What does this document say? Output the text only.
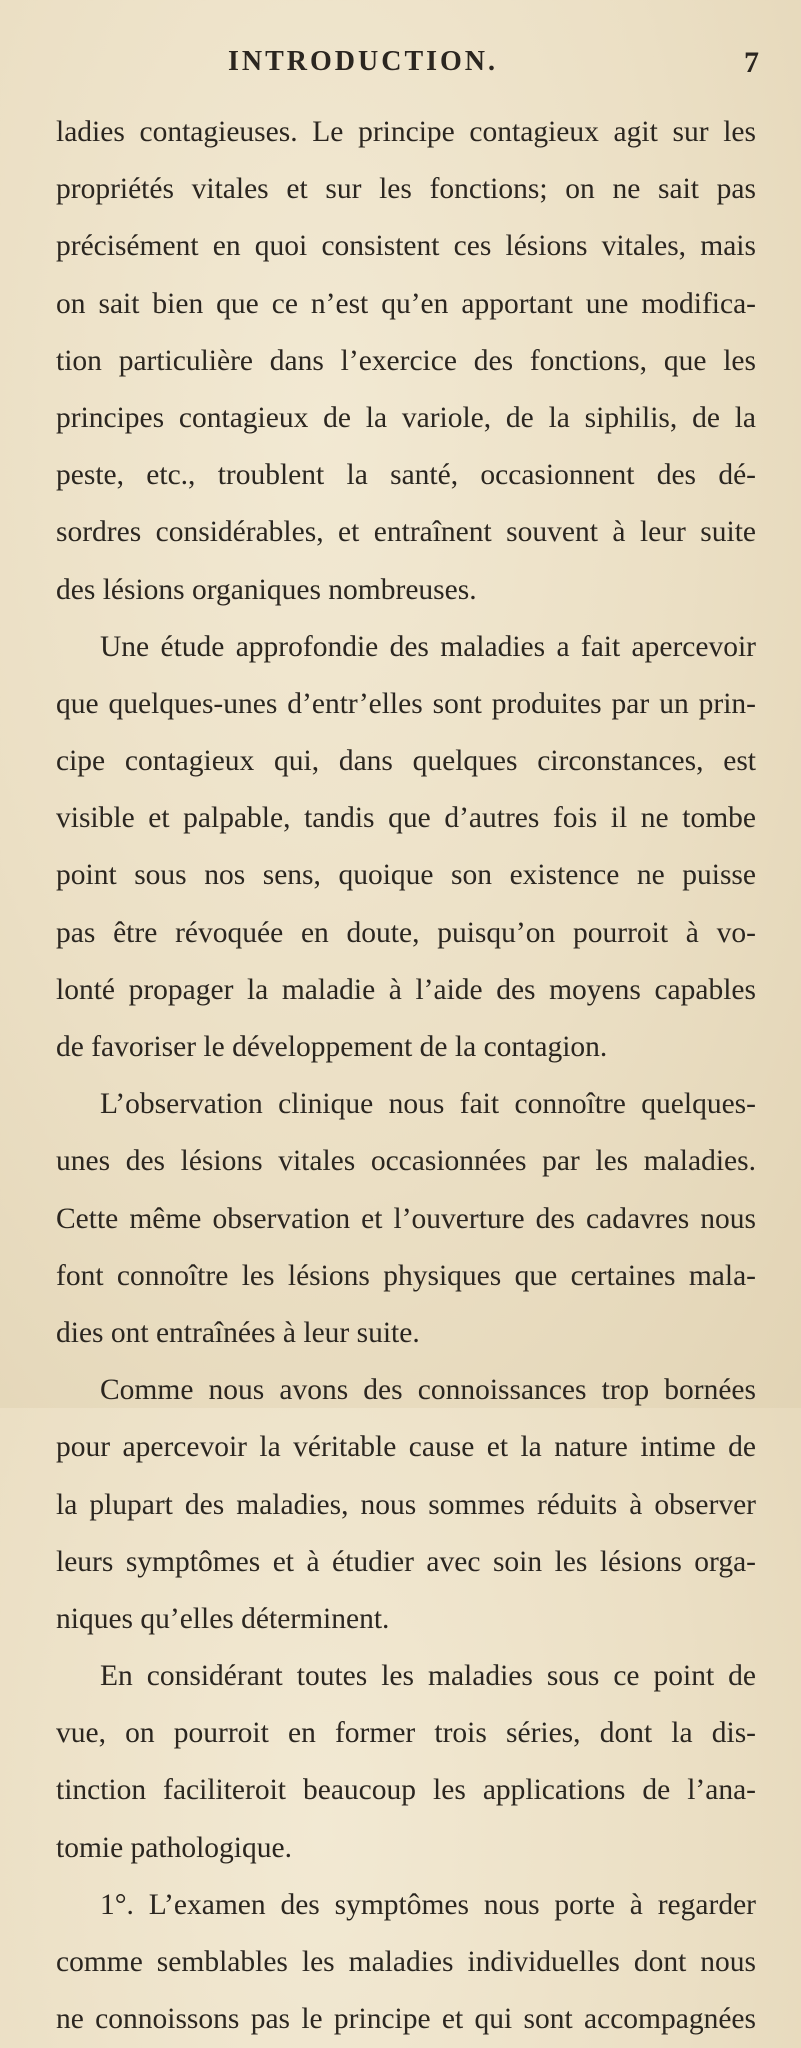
INTRODUCTION.	7
ladies contagieuses. Le principe contagieux agit sur les
propriétés vitales et sur les fonctions; on ne sait pas
précisément en quoi consistent ces lésions vitales, mais
on sait bien que ce n’est qu’en apportant une modifica-
tion particulière dans l’exercice des fonctions, que les
principes contagieux de la variole, de la siphilis, de la
peste, etc., troublent la santé, occasionnent des dé-
sordres considérables, et entraînent souvent à leur suite
des lésions organiques nombreuses.
Une étude approfondie des maladies a fait apercevoir
que quelques-unes d’entr’elles sont produites par un prin-
cipe contagieux qui, dans quelques circonstances, est
visible et palpable, tandis que d’autres fois il ne tombe
point sous nos sens, quoique son existence ne puisse
pas être révoquée en doute, puisqu’on pourroit à vo-
lonté propager la maladie à l’aide des moyens capables
de favoriser le développement de la contagion.
L’observation clinique nous fait connoître quelques-
unes des lésions vitales occasionnées par les maladies.
Cette même observation et l’ouverture des cadavres nous
font connoître les lésions physiques que certaines mala-
dies ont entraînées à leur suite.
Comme nous avons des connoissances trop bornées
pour apercevoir la véritable cause et la nature intime de
la plupart des maladies, nous sommes réduits à observer
leurs symptômes et à étudier avec soin les lésions orga-
niques qu’elles déterminent.
En considérant toutes les maladies sous ce point de
vue, on pourroit en former trois séries, dont la dis-
tinction faciliteroit beaucoup les applications de l’ana-
tomie pathologique.
1°. L’examen des symptômes nous porte à regarder
comme semblables les maladies individuelles dont nous
ne connoissons pas le principe et qui sont accompagnées
